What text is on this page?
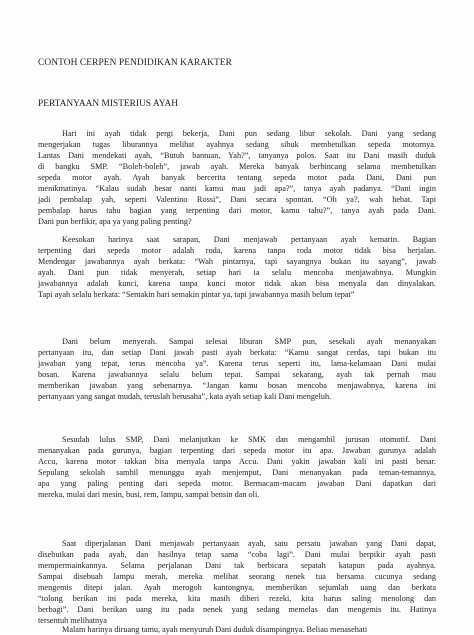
CONTOH CERPEN PENDIDIKAN KARAKTER
PERTANYAAN MISTERIUS AYAH
Hari ini ayah tidak pergi bekerja, Dani pun sedang libur sekolah. Dani yang sedang
mengerjakan tugas liburannya melihat ayahnya sedang sibuk membetulkan sepeda motornya.
Lantas Dani mendekati ayah, “Butuh bantuan, Yah?”, tanyanya polos. Saat itu Dani masih duduk
di bangku SMP. “Boleh-boleh”, jawab ayah. Mereka banyak berbincang selama membetulkan
sepeda motor ayah. Ayah banyak bercerita tentang sepeda motor pada Dani, Dani pun
menikmatinya. “Kalau sudah besar nanti kamu mau jadi apa?”, tanya ayah padanya. “Dani ingin
jadi pembalap yah, seperti Valentino Rossi”, Dani secara spontan. “Oh ya?, wah hebat. Tapi
pembalap harus tahu bagian yang terpenting dari motor, kamu tahu?”, tanya ayah pada Dani.
Dani pun berfikir, apa ya yang paling penting?
Keesokan harinya saat sarapan, Dani menjawab pertanyaan ayah kemarin. Bagian
terpenting dari sepeda motor adalah roda, karena tanpa roda motor tidak bisa berjalan.
Mendengar jawabannya ayah berkata: “Wah pintarnya, tapi sayangnya bukan itu sayang”, jawab
ayah. Dani pun tidak menyerah, setiap hari ia selalu mencoba menjawabnya. Mungkin
jawabannya adalah kunci, karena tanpa kunci motor tidak akan bisa menyala dan dinyalakan.
Tapi ayah selalu berkata: “Semakin hari semakin pintar ya, tapi jawabannya masih belum tepat”
Dani belum menyerah. Sampai selesai liburan SMP pun, sesekali ayah menanyakan
pertanyaan itu, dan setiap Dani jawab pasti ayah berkata: “Kamu sangat cerdas, tapi bukan itu
jawaban yang tepat, terus mencoba ya”. Karena terus seperti itu, lama-kelamaan Dani mulai
bosan. Karena jawabannya selalu belum tepat. Sampai sekarang, ayah tak pernah mau
memberikan jawaban yang sebenarnya. “Jangan kamu bosan mencoba menjawabnya, karena ini
pertanyaan yang sangat mudah, teruslah berusaha”, kata ayah setiap kali Dani mengeluh.
Sesudah lulus SMP, Dani melanjutkan ke SMK dan mengambil jurusan otomotif. Dani
menanyakan pada gurunya, bagian terpenting dari sepeda motor itu apa. Jawaban gurunya adalah
Accu, karena motor takkan bisa menyala tanpa Accu. Dani yakin jawaban kali ini pasti benar.
Sepulang sekolah sambil menunggu ayah menjemput, Dani menanyakan pada teman-temannya,
apa yang paling penting dari sepeda motor. Bermacam-macam jawaban Dani dapatkan dari
mereka, mulai dari mesin, busi, rem, lampu, sampai bensin dan oli.
Saat diperjalanan Dani menjawab pertanyaan ayah, satu persatu jawaban yang Dani dapat,
disebutkan pada ayah, dan hasilnya tetap sama “coba lagi”. Dani mulai berpikir ayah pasti
mempermainkannya. Selama perjalanan Dani tak berbicara sepatah katapun pada ayahnya.
Sampai disebuah lampu merah, mereka melihat seorang nenek tua bersama cucunya sedang
mengemis ditepi jalan. Ayah merogoh kantongnya, memberikan sejumlah uang dan berkata
“tolong berikan ini pada mereka, kita masih diberi rezeki, kita harus saling menolong dan
berbagi”. Dani berikan uang itu pada nenek yang sedang memelas dan mengemis itu. Hatinya
tersentuh melihatnya
Malam harinya diruang tamu, ayah menyuruh Dani duduk disampingnya. Beliau menasehati
